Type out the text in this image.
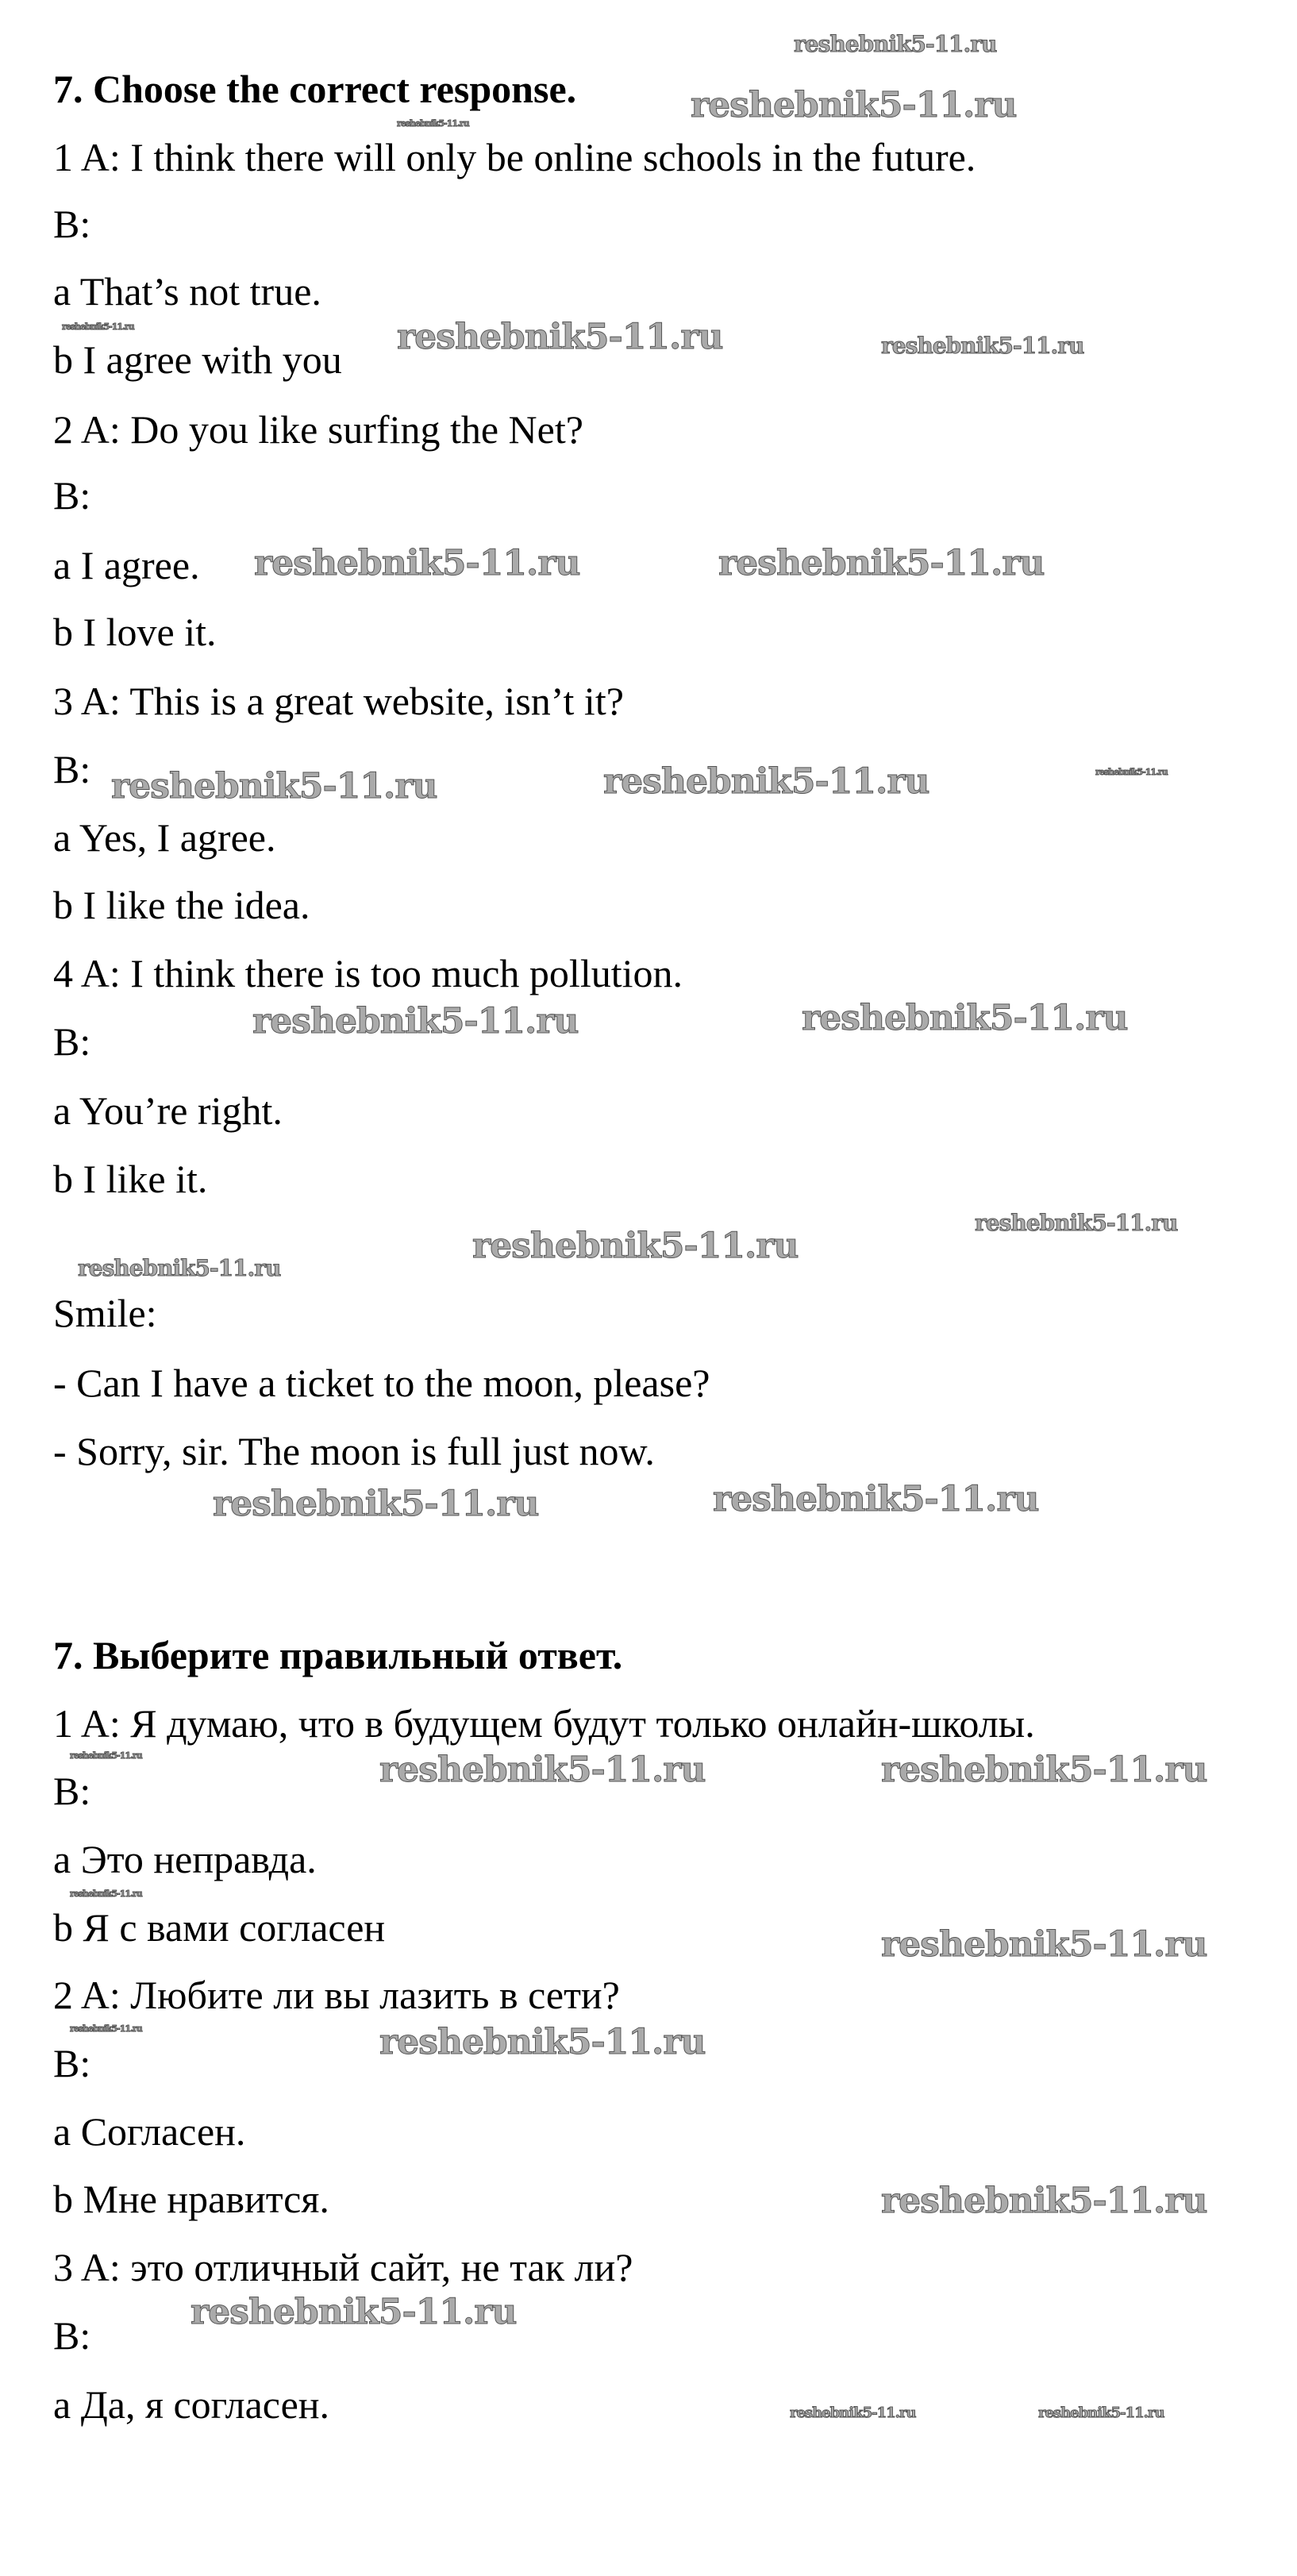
7. Choose the correct response.
1 A: I think there will only be online schools in the future.
B:
a That’s not true.
b I agree with you
2 A: Do you like surfing the Net?
B:
a I agree.
b I love it.
3 A: This is a great website, isn’t it?
B:
a Yes, I agree.
b I like the idea.
4 A: I think there is too much pollution.
B:
a You’re right.
b I like it.
Smile:
- Can I have a ticket to the moon, please?
- Sorry, sir. The moon is full just now.
7. Выберите правильный ответ.
1 A: Я думаю, что в будущем будут только онлайн-школы.
B:
a Это неправда.
b Я с вами согласен
2 A: Любите ли вы лазить в сети?
B:
a Согласен.
b Мне нравится.
3 A: это отличный сайт, не так ли?
B:
a Да, я согласен.
reshebnik5-11.ru
reshebnik5-11.ru	reshebnik5-11.ru
reshebnik5-11.ru	reshebnik5-11.ru	reshebnik5-11.ru
reshebnik5-11.ru	reshebnik5-11.ru
reshebnik5-11.ru
reshebnik5-11.ru	reshebnik5-11.ru
reshebnik5-11.ru	reshebnik5-11.ru
reshebnik5-11.ru
reshebnik5-11.ru
reshebnik5-11.ru
reshebnik5-11.ru
reshebnik5-11.ru
reshebnik5-11.ru	reshebnik5-11.ru	reshebnik5-11.ru
reshebnik5-11.ru
reshebnik5-11.ru
reshebnik5-11.ru	reshebnik5-11.ru
reshebnik5-11.ru
reshebnik5-11.ru
reshebnik5-11.ru	reshebnik5-11.ru
